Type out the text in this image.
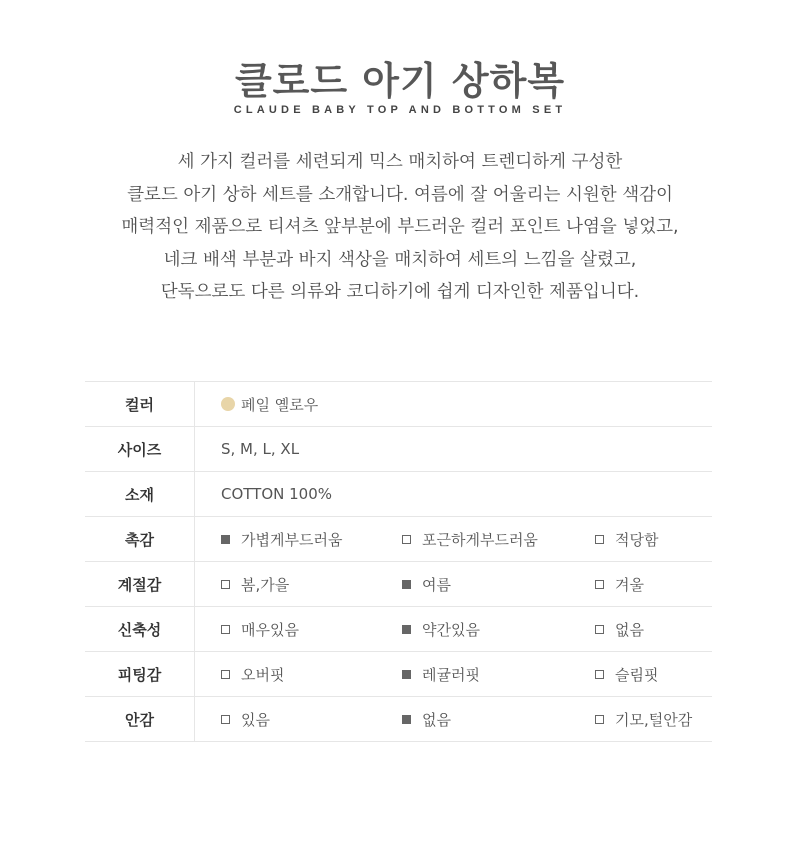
클로드 아기 상하복
CLAUDE BABY TOP AND BOTTOM SET
세 가지 컬러를 세련되게 믹스 매치하여 트렌디하게 구성한
클로드 아기 상하 세트를 소개합니다. 여름에 잘 어울리는 시원한 색감이
매력적인 제품으로 티셔츠 앞부분에 부드러운 컬러 포인트 나염을 넣었고,
네크 배색 부분과 바지 색상을 매치하여 세트의 느낌을 살렸고,
단독으로도 다른 의류와 코디하기에 쉽게 디자인한 제품입니다.
컬러	페일 옐로우
사이즈	S, M, L, XL
소재	COTTON 100%
촉감	가볍게부드러움	포근하게부드러움	적당함
계절감	봄,가을	여름	겨울
신축성	매우있음	약간있음	없음
피팅감	오버핏	레귤러핏	슬림핏
안감	있음	없음	기모,털안감
